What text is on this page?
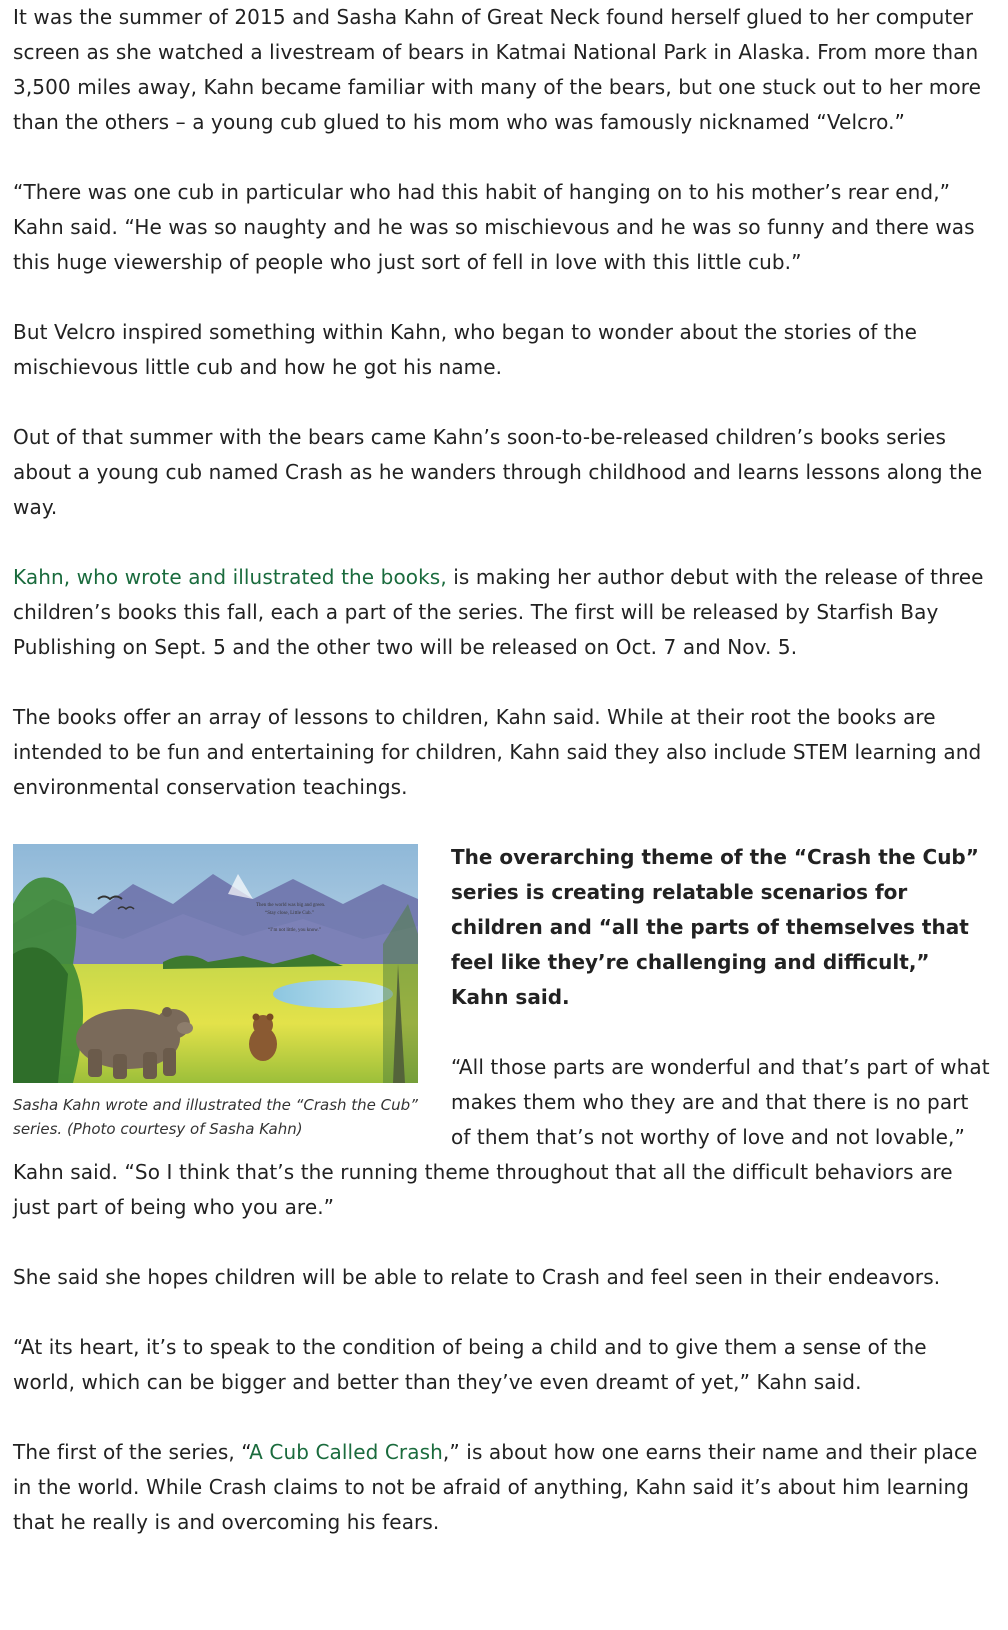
It was the summer of 2015 and Sasha Kahn of Great Neck found herself glued to her computer screen as she watched a livestream of bears in Katmai National Park in Alaska. From more than 3,500 miles away, Kahn became familiar with many of the bears, but one stuck out to her more than the others – a young cub glued to his mom who was famously nicknamed “Velcro.”

“There was one cub in particular who had this habit of hanging on to his mother’s rear end,” Kahn said. “He was so naughty and he was so mischievous and he was so funny and there was this huge viewership of people who just sort of fell in love with this little cub.”

But Velcro inspired something within Kahn, who began to wonder about the stories of the mischievous little cub and how he got his name.

Out of that summer with the bears came Kahn’s soon-to-be-released children’s books series about a young cub named Crash as he wanders through childhood and learns lessons along the way.

Kahn, who wrote and illustrated the books, is making her author debut with the release of three children’s books this fall, each a part of the series. The first will be released by Starfish Bay Publishing on Sept. 5 and the other two will be released on Oct. 7 and Nov. 5.

The books offer an array of lessons to children, Kahn said. While at their root the books are intended to be fun and entertaining for children, Kahn said they also include STEM learning and environmental conservation teachings.

Then the world was big and green.
“Stay close, Little Cub.”
“I’m not little, you know.”
Sasha Kahn wrote and illustrated the “Crash the Cub” series. (Photo courtesy of Sasha Kahn)
The overarching theme of the “Crash the Cub” series is creating relatable scenarios for children and “all the parts of themselves that feel like they’re challenging and difficult,” Kahn said.

“All those parts are wonderful and that’s part of what makes them who they are and that there is no part of them that’s not worthy of love and not lovable,” Kahn said. “So I think that’s the running theme throughout that all the difficult behaviors are just part of being who you are.”

She said she hopes children will be able to relate to Crash and feel seen in their endeavors.

“At its heart, it’s to speak to the condition of being a child and to give them a sense of the world, which can be bigger and better than they’ve even dreamt of yet,” Kahn said.

The first of the series, “A Cub Called Crash,” is about how one earns their name and their place in the world. While Crash claims to not be afraid of anything, Kahn said it’s about him learning that he really is and overcoming his fears.
